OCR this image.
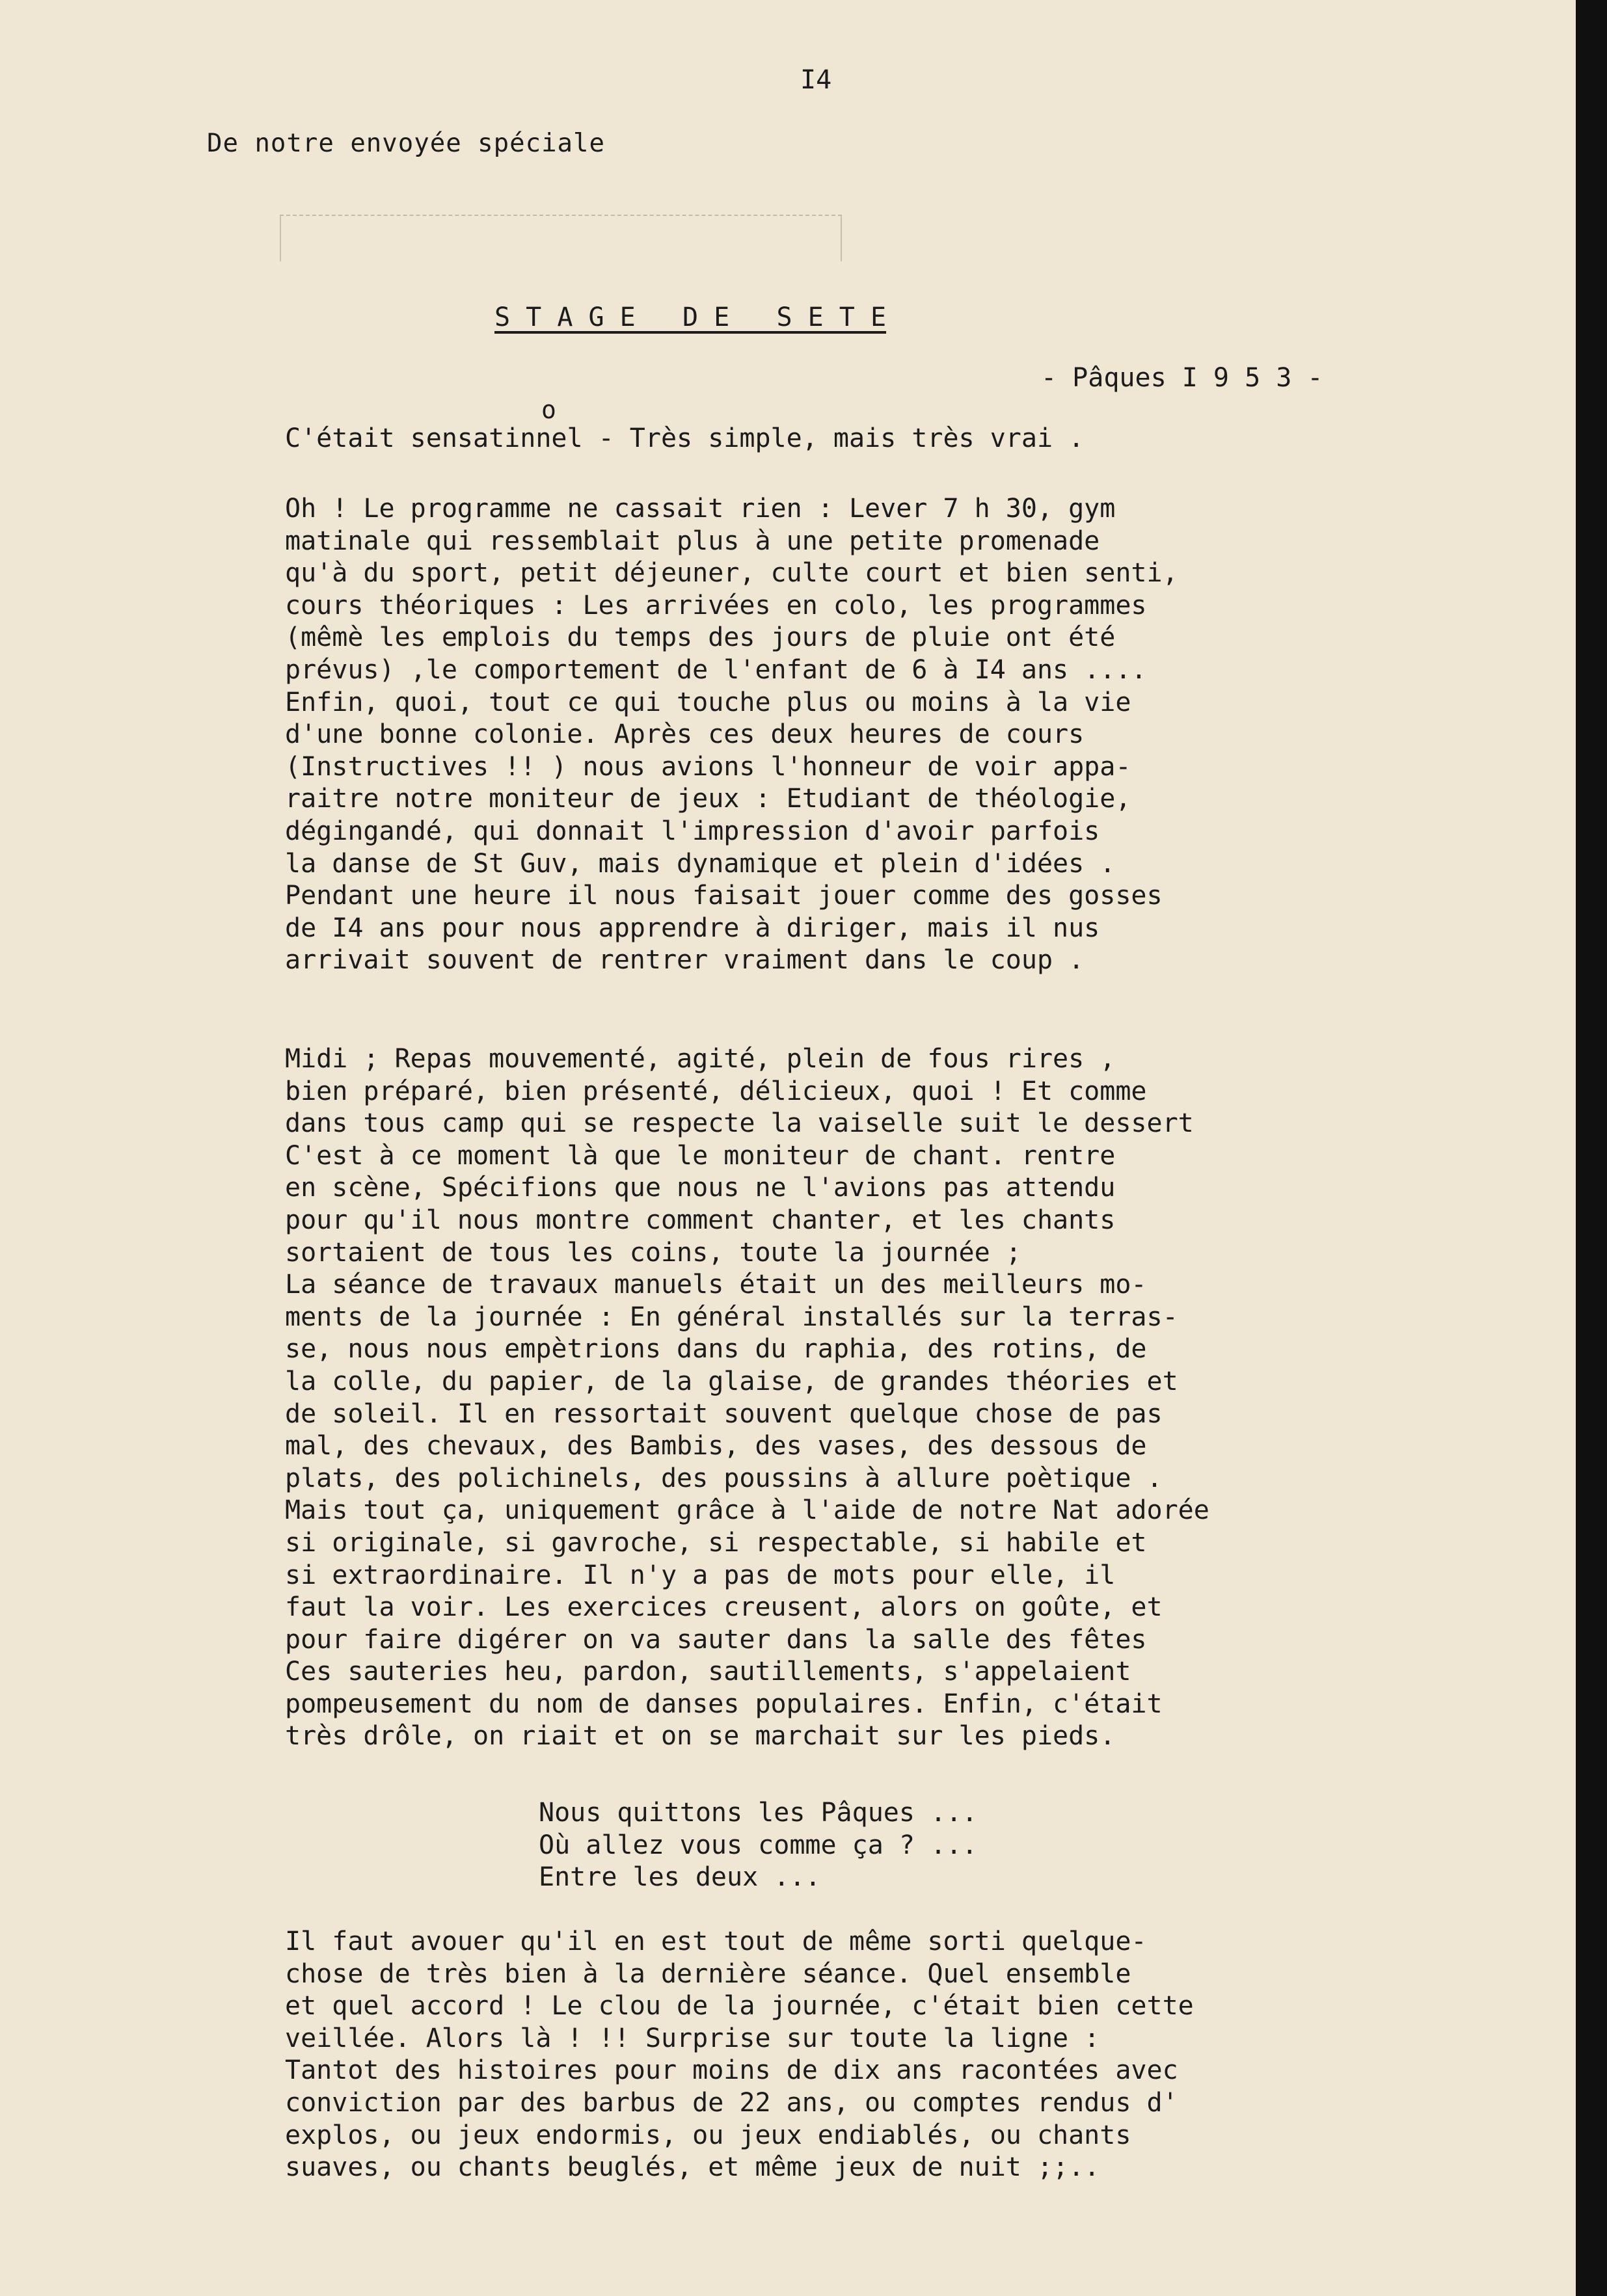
I4
De notre envoyée spéciale
S T A G E   D E   S E T E
- Pâques I 9 5 3 -
o
C'était sensatinnel - Très simple, mais très vrai .
Oh ! Le programme ne cassait rien : Lever 7 h 30, gym
matinale qui ressemblait plus à une petite promenade
qu'à du sport, petit déjeuner, culte court et bien senti,
cours théoriques : Les arrivées en colo, les programmes
(mêmè les emplois du temps des jours de pluie ont été
prévus) ,le comportement de l'enfant de 6 à I4 ans ....
Enfin, quoi, tout ce qui touche plus ou moins à la vie
d'une bonne colonie. Après ces deux heures de cours
(Instructives !! ) nous avions l'honneur de voir appa-
raitre notre moniteur de jeux : Etudiant de théologie,
dégingandé, qui donnait l'impression d'avoir parfois
la danse de St Guv, mais dynamique et plein d'idées .
Pendant une heure il nous faisait jouer comme des gosses
de I4 ans pour nous apprendre à diriger, mais il nus
arrivait souvent de rentrer vraiment dans le coup .
Midi ; Repas mouvementé, agité, plein de fous rires ,
bien préparé, bien présenté, délicieux, quoi ! Et comme
dans tous camp qui se respecte la vaiselle suit le dessert
C'est à ce moment là que le moniteur de chant. rentre
en scène, Spécifions que nous ne l'avions pas attendu
pour qu'il nous montre comment chanter, et les chants
sortaient de tous les coins, toute la journée ;
La séance de travaux manuels était un des meilleurs mo-
ments de la journée : En général installés sur la terras-
se, nous nous empètrions dans du raphia, des rotins, de
la colle, du papier, de la glaise, de grandes théories et
de soleil. Il en ressortait souvent quelque chose de pas
mal, des chevaux, des Bambis, des vases, des dessous de
plats, des polichinels, des poussins à allure poètique .
Mais tout ça, uniquement grâce à l'aide de notre Nat adorée
si originale, si gavroche, si respectable, si habile et
si extraordinaire. Il n'y a pas de mots pour elle, il
faut la voir. Les exercices creusent, alors on goûte, et
pour faire digérer on va sauter dans la salle des fêtes
Ces sauteries heu, pardon, sautillements, s'appelaient
pompeusement du nom de danses populaires. Enfin, c'était
très drôle, on riait et on se marchait sur les pieds.
Nous quittons les Pâques ...
Où allez vous comme ça ? ...
Entre les deux ...
Il faut avouer qu'il en est tout de même sorti quelque-
chose de très bien à la dernière séance. Quel ensemble
et quel accord ! Le clou de la journée, c'était bien cette
veillée. Alors là ! !! Surprise sur toute la ligne :
Tantot des histoires pour moins de dix ans racontées avec
conviction par des barbus de 22 ans, ou comptes rendus d'
explos, ou jeux endormis, ou jeux endiablés, ou chants
suaves, ou chants beuglés, et même jeux de nuit ;;..
